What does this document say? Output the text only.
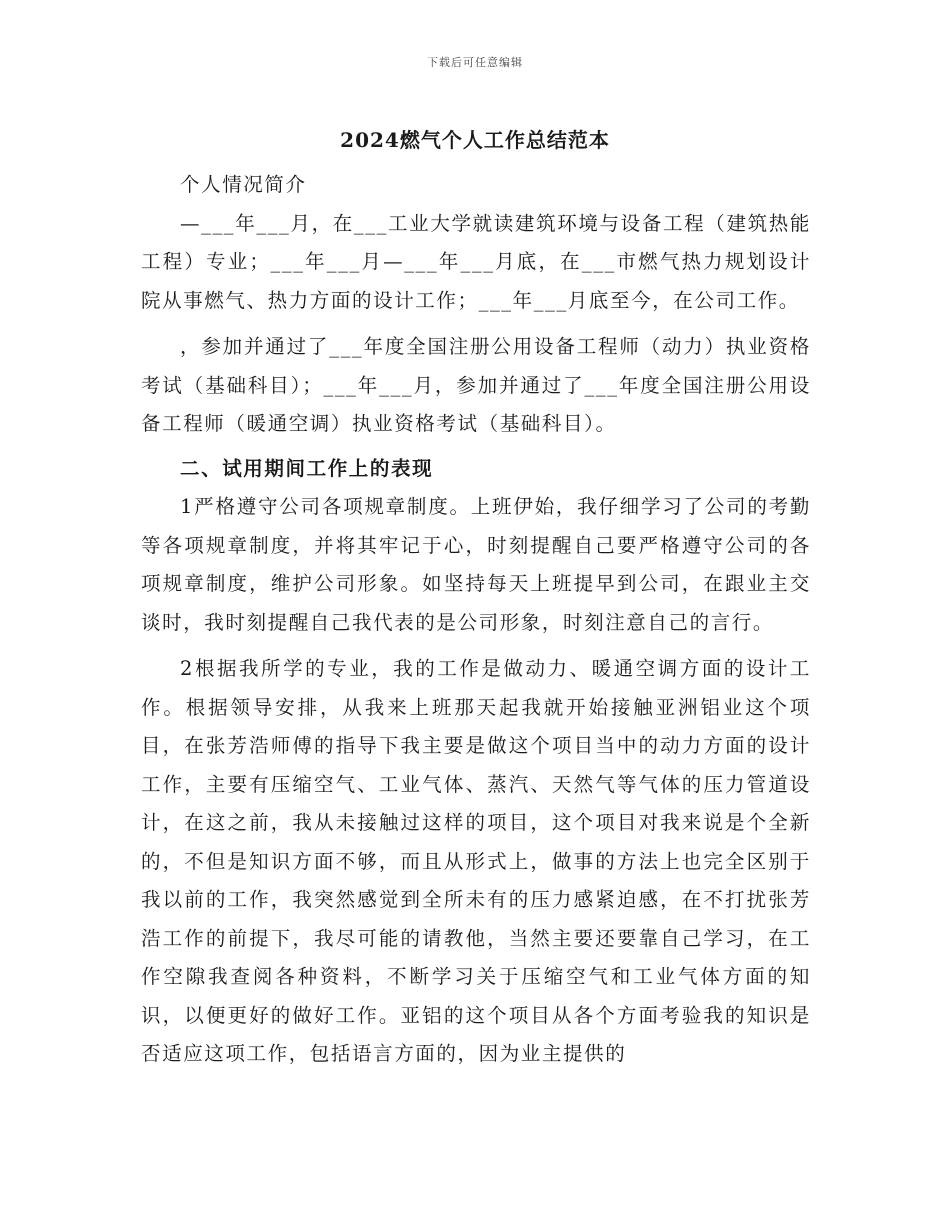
下载后可任意编辑
2024燃气个人工作总结范本

个人情况简介

—___年___月，在___工业大学就读建筑环境与设备工程（建筑热能工程）专业；___年___月—___年___月底，在___市燃气热力规划设计院从事燃气、热力方面的设计工作；___年___月底至今，在公司工作。

，参加并通过了___年度全国注册公用设备工程师（动力）执业资格考试（基础科目）；___年___月，参加并通过了___年度全国注册公用设备工程师（暖通空调）执业资格考试（基础科目）。

二、试用期间工作上的表现

1严格遵守公司各项规章制度。上班伊始，我仔细学习了公司的考勤等各项规章制度，并将其牢记于心，时刻提醒自己要严格遵守公司的各项规章制度，维护公司形象。如坚持每天上班提早到公司，在跟业主交谈时，我时刻提醒自己我代表的是公司形象，时刻注意自己的言行。

2根据我所学的专业，我的工作是做动力、暖通空调方面的设计工作。根据领导安排，从我来上班那天起我就开始接触亚洲铝业这个项目，在张芳浩师傅的指导下我主要是做这个项目当中的动力方面的设计工作，主要有压缩空气、工业气体、蒸汽、天然气等气体的压力管道设计，在这之前，我从未接触过这样的项目，这个项目对我来说是个全新的，不但是知识方面不够，而且从形式上，做事的方法上也完全区别于我以前的工作，我突然感觉到全所未有的压力感紧迫感，在不打扰张芳浩工作的前提下，我尽可能的请教他，当然主要还要靠自己学习，在工作空隙我查阅各种资料，不断学习关于压缩空气和工业气体方面的知识，以便更好的做好工作。亚铝的这个项目从各个方面考验我的知识是否适应这项工作，包括语言方面的，因为业主提供的
